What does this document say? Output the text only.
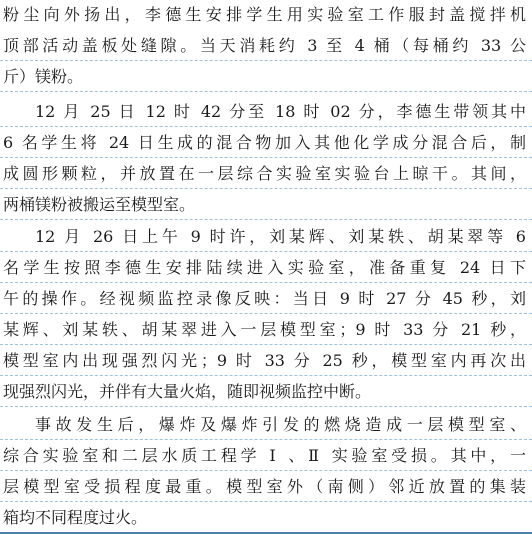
粉尘向外扬出，李德生安排学生用实验室工作服封盖搅拌机
顶部活动盖板处缝隙。当天消耗约 3 至 4 桶（每桶约 33 公
斤）镁粉。
12 月 25 日 12 时 42 分至 18 时 02 分，李德生带领其中
6 名学生将 24 日生成的混合物加入其他化学成分混合后，制
成圆形颗粒，并放置在一层综合实验室实验台上晾干。其间，
两桶镁粉被搬运至模型室。
12 月 26 日上午 9 时许，刘某辉、刘某轶、胡某翠等 6
名学生按照李德生安排陆续进入实验室，准备重复 24 日下
午的操作。经视频监控录像反映：当日 9 时 27 分 45 秒，刘
某辉、刘某轶、胡某翠进入一层模型室；9 时 33 分 21 秒，
模型室内出现强烈闪光；9 时 33 分 25 秒，模型室内再次出
现强烈闪光，并伴有大量火焰，随即视频监控中断。
事故发生后，爆炸及爆炸引发的燃烧造成一层模型室、
综合实验室和二层水质工程学 Ⅰ 、Ⅱ 实验室受损。其中，一
层模型室受损程度最重。模型室外（南侧）邻近放置的集装
箱均不同程度过火。
